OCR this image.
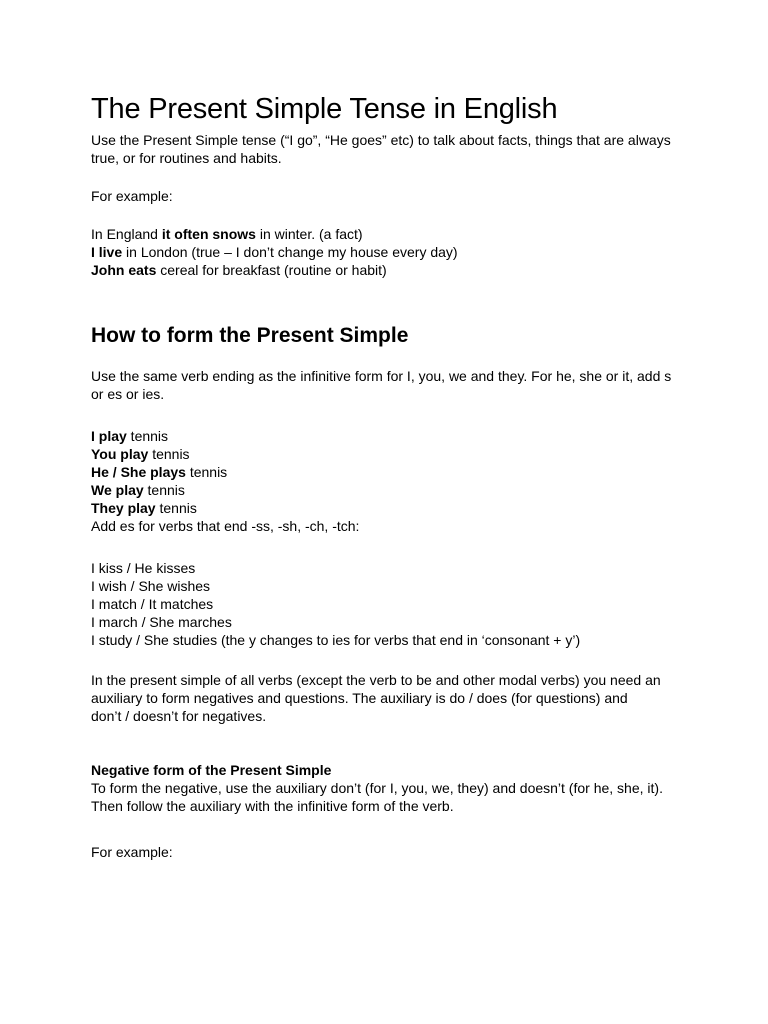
The Present Simple Tense in English

Use the Present Simple tense (“I go”, “He goes” etc) to talk about facts, things that are always true, or for routines and habits.

For example:

In England it often snows in winter. (a fact)

I live in London (true – I don’t change my house every day)

John eats cereal for breakfast (routine or habit)

How to form the Present Simple

Use the same verb ending as the infinitive form for I, you, we and they. For he, she or it, add s or es or ies.

I play tennis

You play tennis

He / She plays tennis

We play tennis

They play tennis

Add es for verbs that end -ss, -sh, -ch, -tch:

I kiss / He kisses

I wish / She wishes

I match / It matches

I march / She marches

I study / She studies (the y changes to ies for verbs that end in ‘consonant + y’)

In the present simple of all verbs (except the verb to be and other modal verbs) you need an auxiliary to form negatives and questions. The auxiliary is do / does (for questions) and don’t / doesn’t for negatives.

Negative form of the Present Simple

To form the negative, use the auxiliary don’t (for I, you, we, they) and doesn’t (for he, she, it).

Then follow the auxiliary with the infinitive form of the verb.

For example:
